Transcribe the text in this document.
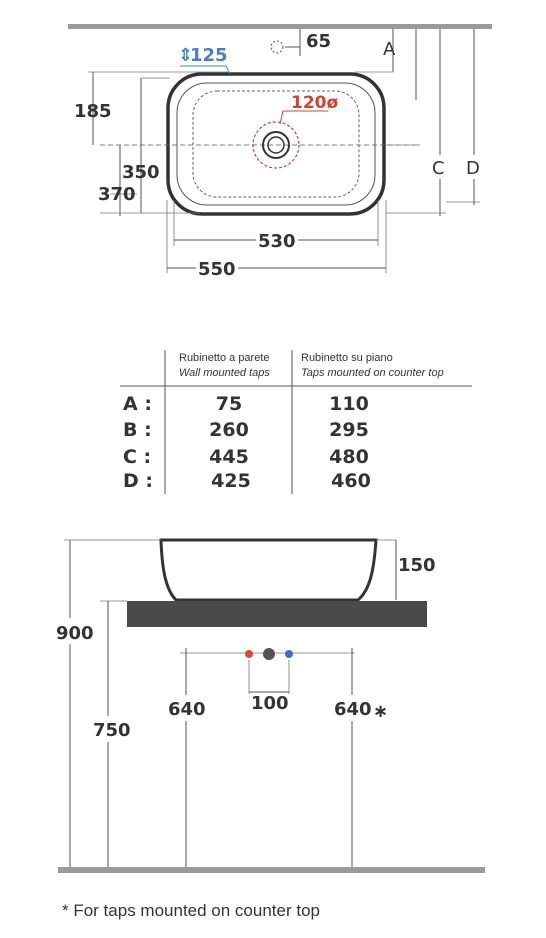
120ø
65
⇕
125
185
350
370
530
550
A
C D
Rubinetto a parete
Wall mounted taps
Rubinetto su piano
Taps mounted on counter top
A :	75	110
B :	260	295
C :	445	480
D :	425	460
150
900
750
640	100	640 ∗
* For taps mounted on counter top
